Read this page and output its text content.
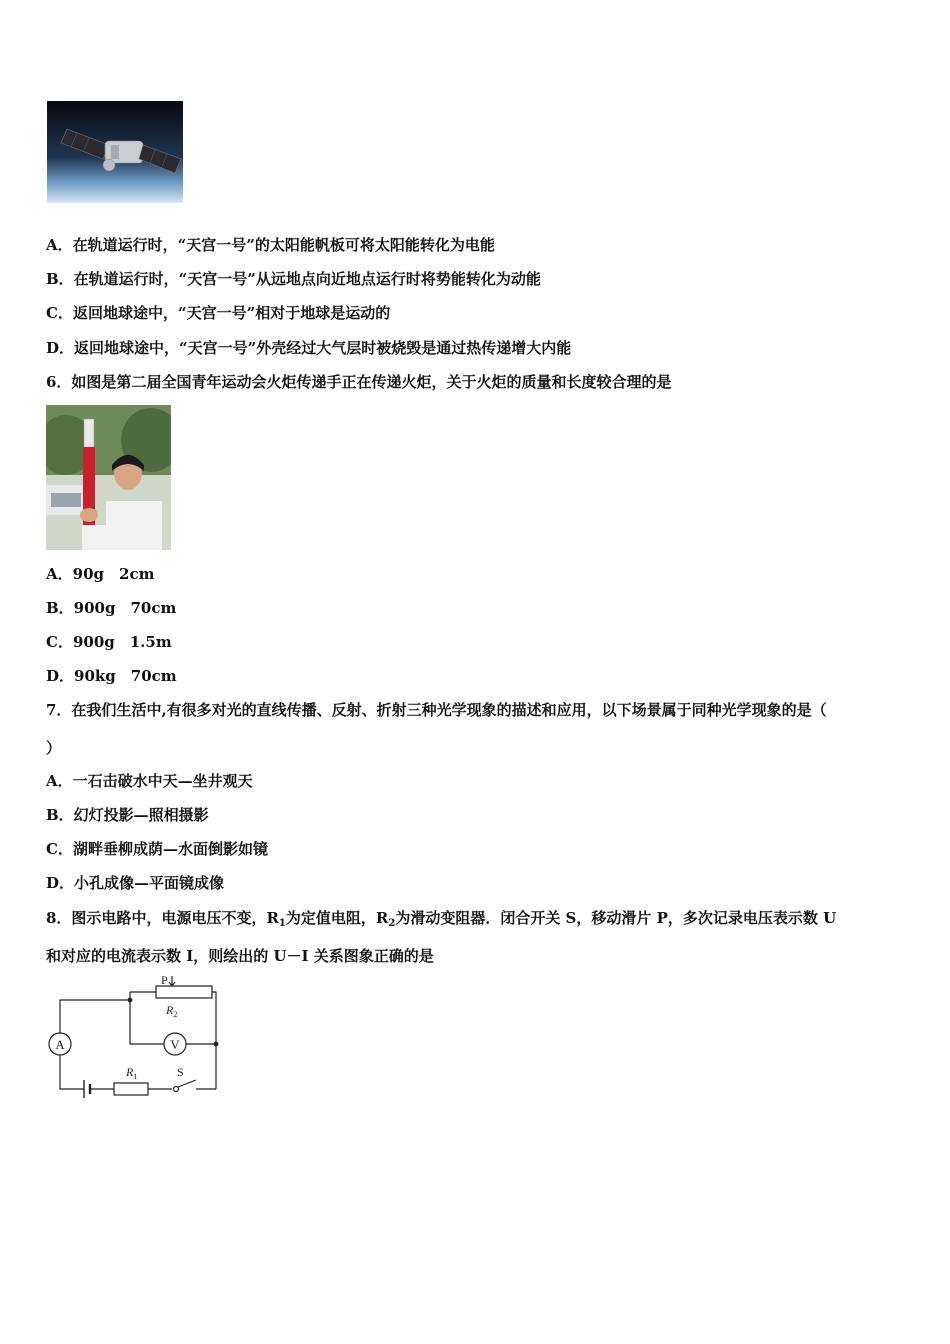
A．在轨道运行时，“天宫一号”的太阳能帆板可将太阳能转化为电能
B．在轨道运行时，“天宫一号”从远地点向近地点运行时将势能转化为动能
C．返回地球途中，“天宫一号”相对于地球是运动的
D．返回地球途中，“天宫一号”外壳经过大气层时被烧毁是通过热传递增大内能
6．如图是第二届全国青年运动会火炬传递手正在传递火炬，关于火炬的质量和长度较合理的是
A．90g　2cm
B．900g　70cm
C．900g　1.5m
D．90kg　70cm
7．在我们生活中,有很多对光的直线传播、反射、折射三种光学现象的描述和应用，以下场景属于同种光学现象的是（
）
A．一石击破水中天—坐井观天
B．幻灯投影—照相摄影
C．湖畔垂柳成荫—水面倒影如镜
D．小孔成像—平面镜成像
8．图示电路中，电源电压不变，$R_1$为定值电阻，$R_2$为滑动变阻器．闭合开关 S，移动滑片 P，多次记录电压表示数 U
和对应的电流表示数 I，则绘出的 U－I 关系图象正确的是
A
$R_1$	S
P
$R_2$
V
